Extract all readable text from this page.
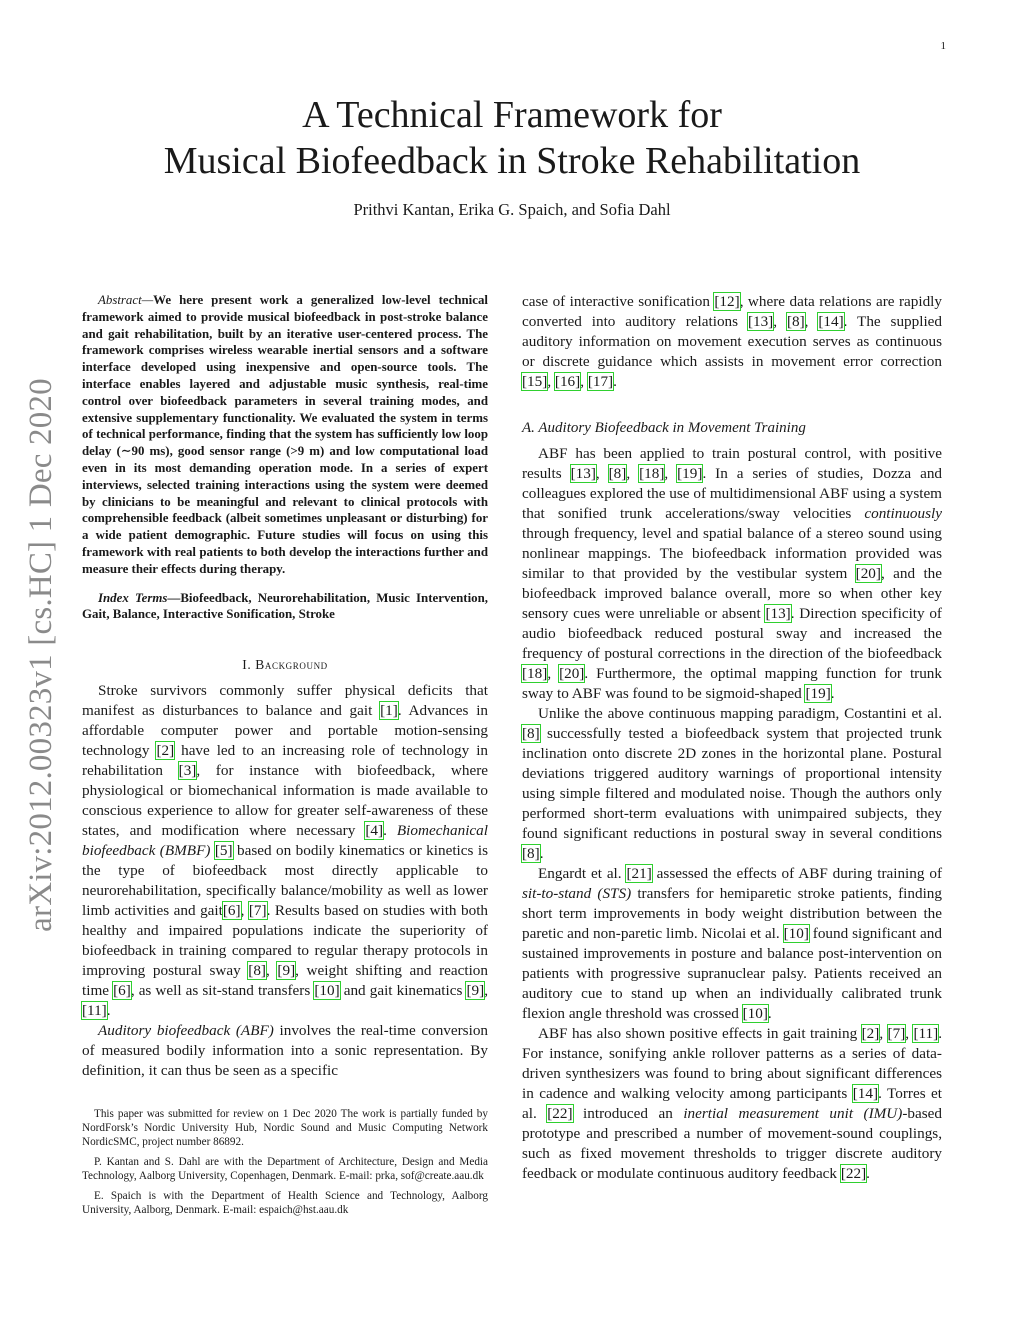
1
arXiv:2012.00323v1 [cs.HC] 1 Dec 2020
A Technical Framework for
Musical Biofeedback in Stroke Rehabilitation
Prithvi Kantan, Erika G. Spaich, and Sofia Dahl

Abstract—We here present work a generalized low-level technical framework aimed to provide musical biofeedback in post-stroke balance and gait rehabilitation, built by an iterative user-centered process. The framework comprises wireless wearable inertial sensors and a software interface developed using inexpensive and open-source tools. The interface enables layered and adjustable music synthesis, real-time control over biofeedback parameters in several training modes, and extensive supplementary functionality. We evaluated the system in terms of technical performance, finding that the system has sufficiently low loop delay (∼90 ms), good sensor range (>9 m) and low computational load even in its most demanding operation mode. In a series of expert interviews, selected training interactions using the system were deemed by clinicians to be meaningful and relevant to clinical protocols with comprehensible feedback (albeit sometimes unpleasant or disturbing) for a wide patient demographic. Future studies will focus on using this framework with real patients to both develop the interactions further and measure their effects during therapy.

Index Terms—Biofeedback, Neurorehabilitation, Music Intervention, Gait, Balance, Interactive Sonification, Stroke

I. Background

Stroke survivors commonly suffer physical deficits that manifest as disturbances to balance and gait [1]. Advances in affordable computer power and portable motion-sensing technology [2] have led to an increasing role of technology in rehabilitation [3], for instance with biofeedback, where physiological or biomechanical information is made available to conscious experience to allow for greater self-awareness of these states, and modification where necessary [4]. Biomechanical biofeedback (BMBF) [5] based on bodily kinematics or kinetics is the type of biofeedback most directly applicable to neurorehabilitation, specifically balance/mobility as well as lower limb activities and gait[6], [7]. Results based on studies with both healthy and impaired populations indicate the superiority of biofeedback in training compared to regular therapy protocols in improving postural sway [8], [9], weight shifting and reaction time [6], as well as sit-stand transfers [10] and gait kinematics [9], [11].

Auditory biofeedback (ABF) involves the real-time conversion of measured bodily information into a sonic representation. By definition, it can thus be seen as a specific

This paper was submitted for review on 1 Dec 2020 The work is partially funded by NordForsk’s Nordic University Hub, Nordic Sound and Music Computing Network NordicSMC, project number 86892.

P. Kantan and S. Dahl are with the Department of Architecture, Design and Media Technology, Aalborg University, Copenhagen, Denmark. E-mail: prka, sof@create.aau.dk

E. Spaich is with the Department of Health Science and Technology, Aalborg University, Aalborg, Denmark. E-mail: espaich@hst.aau.dk

case of interactive sonification [12], where data relations are rapidly converted into auditory relations [13], [8], [14]. The supplied auditory information on movement execution serves as continuous or discrete guidance which assists in movement error correction [15], [16], [17].

A. Auditory Biofeedback in Movement Training

ABF has been applied to train postural control, with positive results [13], [8], [18], [19]. In a series of studies, Dozza and colleagues explored the use of multidimensional ABF using a system that sonified trunk accelerations/sway velocities continuously through frequency, level and spatial balance of a stereo sound using nonlinear mappings. The biofeedback information provided was similar to that provided by the vestibular system [20], and the biofeedback improved balance overall, more so when other key sensory cues were unreliable or absent [13]. Direction specificity of audio biofeedback reduced postural sway and increased the frequency of postural corrections in the direction of the biofeedback [18], [20]. Furthermore, the optimal mapping function for trunk sway to ABF was found to be sigmoid-shaped [19].

Unlike the above continuous mapping paradigm, Costantini et al. [8] successfully tested a biofeedback system that projected trunk inclination onto discrete 2D zones in the horizontal plane. Postural deviations triggered auditory warnings of proportional intensity using simple filtered and modulated noise. Though the authors only performed short-term evaluations with unimpaired subjects, they found significant reductions in postural sway in several conditions [8].

Engardt et al. [21] assessed the effects of ABF during training of sit-to-stand (STS) transfers for hemiparetic stroke patients, finding short term improvements in body weight distribution between the paretic and non-paretic limb. Nicolai et al. [10] found significant and sustained improvements in posture and balance post-intervention on patients with progressive supranuclear palsy. Patients received an auditory cue to stand up when an individually calibrated trunk flexion angle threshold was crossed [10].

ABF has also shown positive effects in gait training [2], [7], [11]. For instance, sonifying ankle rollover patterns as a series of data-driven synthesizers was found to bring about significant differences in cadence and walking velocity among participants [14]. Torres et al. [22] introduced an inertial measurement unit (IMU)-based prototype and prescribed a number of movement-sound couplings, such as fixed movement thresholds to trigger discrete auditory feedback or modulate continuous auditory feedback [22].
